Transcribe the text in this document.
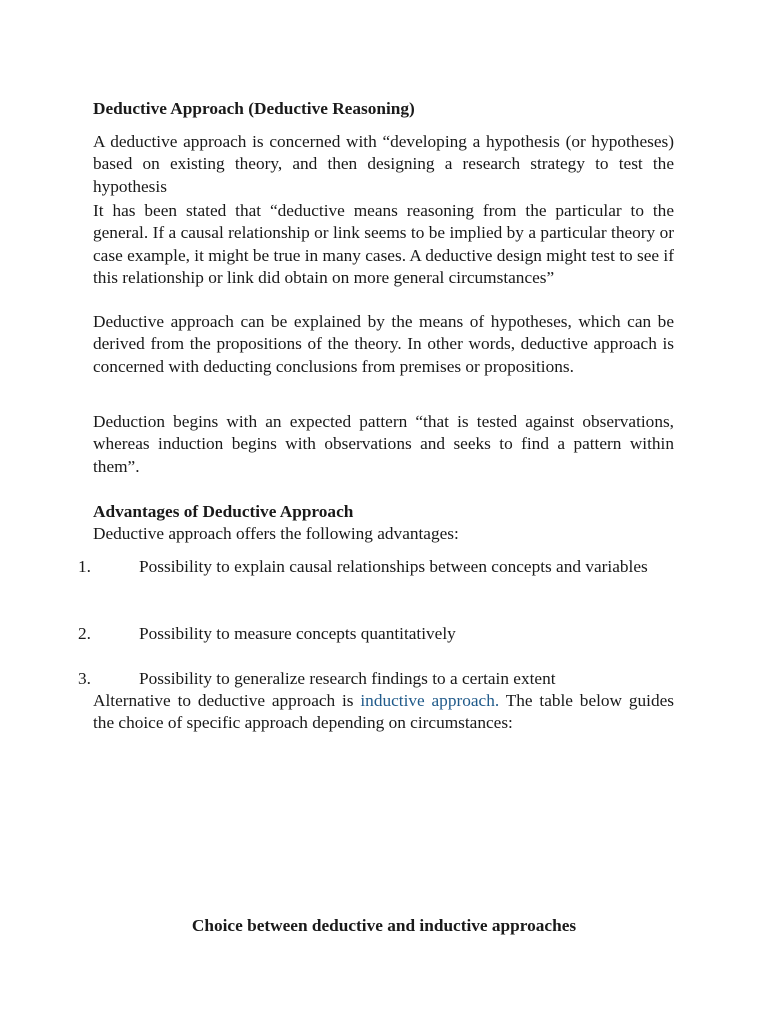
Deductive Approach (Deductive Reasoning)

A deductive approach is concerned with “developing a hypothesis (or hypotheses) based on existing theory, and then designing a research strategy to test the hypothesis

It has been stated that “deductive means reasoning from the particular to the general. If a causal relationship or link seems to be implied by a particular theory or case example, it might be true in many cases. A deductive design might test to see if this relationship or link did obtain on more general circumstances”

Deductive approach can be explained by the means of hypotheses, which can be derived from the propositions of the theory. In other words, deductive approach is concerned with deducting conclusions from premises or propositions.

Deduction begins with an expected pattern “that is tested against observations, whereas induction begins with observations and seeks to find a pattern within them”.

Advantages of Deductive Approach

Deductive approach offers the following advantages:

1.	Possibility to explain causal relationships between concepts and variables
2.	Possibility to measure concepts quantitatively
3.	Possibility to generalize research findings to a certain extent

Alternative to deductive approach is inductive approach. The table below guides the choice of specific approach depending on circumstances:

Choice between deductive and inductive approaches
